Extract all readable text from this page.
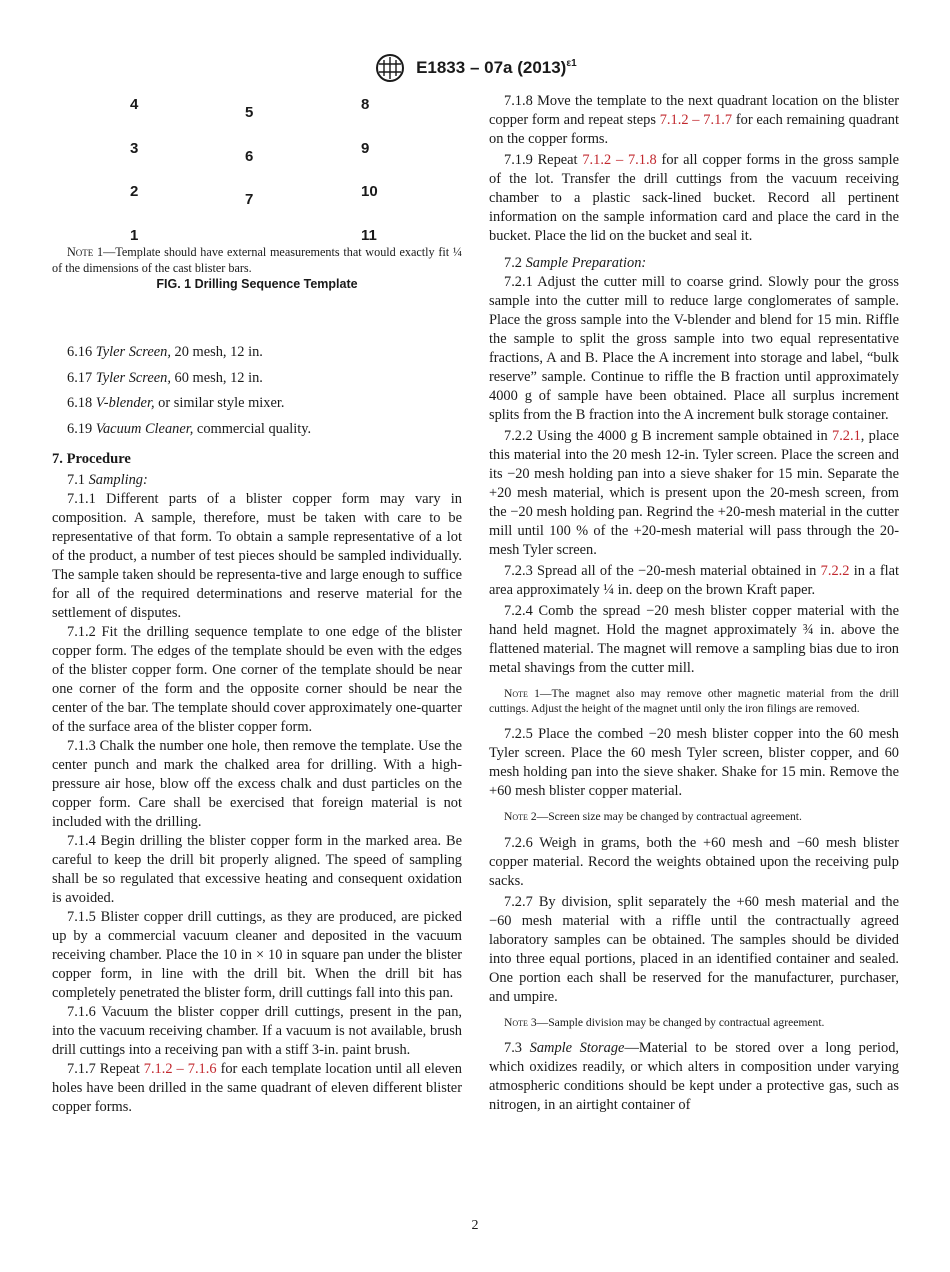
E1833 – 07a $(2013)^{\varepsilon 1}$
4
3
2
1
5
6
7
8
9
10
11
Note 1—Template should have external measurements that would exactly fit ¼ of the dimensions of the cast blister bars.
FIG. 1 Drilling Sequence Template

6.16 Tyler Screen, 20 mesh, 12 in.

6.17 Tyler Screen, 60 mesh, 12 in.

6.18 V-blender, or similar style mixer.

6.19 Vacuum Cleaner, commercial quality.

7. Procedure

7.1 Sampling:

7.1.1 Different parts of a blister copper form may vary in composition. A sample, therefore, must be taken with care to be representative of that form. To obtain a sample representative of a lot of the product, a number of test pieces should be sampled individually. The sample taken should be representa-tive and large enough to suffice for all of the required determinations and reserve material for the settlement of disputes.

7.1.2 Fit the drilling sequence template to one edge of the blister copper form. The edges of the template should be even with the edges of the blister copper form. One corner of the template should be near one corner of the form and the opposite corner should be near the center of the bar. The template should cover approximately one-quarter of the surface area of the blister copper form.

7.1.3 Chalk the number one hole, then remove the template. Use the center punch and mark the chalked area for drilling. With a high-pressure air hose, blow off the excess chalk and dust particles on the copper form. Care shall be exercised that foreign material is not included with the drilling.

7.1.4 Begin drilling the blister copper form in the marked area. Be careful to keep the drill bit properly aligned. The speed of sampling shall be so regulated that excessive heating and consequent oxidation is avoided.

7.1.5 Blister copper drill cuttings, as they are produced, are picked up by a commercial vacuum cleaner and deposited in the vacuum receiving chamber. Place the 10 in × 10 in square pan under the blister copper form, in line with the drill bit. When the drill bit has completely penetrated the blister form, drill cuttings fall into this pan.

7.1.6 Vacuum the blister copper drill cuttings, present in the pan, into the vacuum receiving chamber. If a vacuum is not available, brush drill cuttings into a receiving pan with a stiff 3-in. paint brush.

7.1.7 Repeat 7.1.2 – 7.1.6 for each template location until all eleven holes have been drilled in the same quadrant of eleven different blister copper forms.

7.1.8 Move the template to the next quadrant location on the blister copper form and repeat steps 7.1.2 – 7.1.7 for each remaining quadrant on the copper forms.

7.1.9 Repeat 7.1.2 – 7.1.8 for all copper forms in the gross sample of the lot. Transfer the drill cuttings from the vacuum receiving chamber to a plastic sack-lined bucket. Record all pertinent information on the sample information card and place the card in the bucket. Place the lid on the bucket and seal it.

7.2 Sample Preparation:

7.2.1 Adjust the cutter mill to coarse grind. Slowly pour the gross sample into the cutter mill to reduce large conglomerates of sample. Place the gross sample into the V-blender and blend for 15 min. Riffle the sample to split the gross sample into two equal representative fractions, A and B. Place the A increment into storage and label, “bulk reserve” sample. Continue to riffle the B fraction until approximately 4000 g of sample have been obtained. Place all surplus increment splits from the B fraction into the A increment bulk storage container.

7.2.2 Using the 4000 g B increment sample obtained in 7.2.1, place this material into the 20 mesh 12-in. Tyler screen. Place the screen and its −20 mesh holding pan into a sieve shaker for 15 min. Separate the +20 mesh material, which is present upon the 20-mesh screen, from the −20 mesh holding pan. Regrind the +20-mesh material in the cutter mill until 100 % of the +20-mesh material will pass through the 20-mesh Tyler screen.

7.2.3 Spread all of the −20-mesh material obtained in 7.2.2 in a flat area approximately ¼ in. deep on the brown Kraft paper.

7.2.4 Comb the spread −20 mesh blister copper material with the hand held magnet. Hold the magnet approximately ¾ in. above the flattened material. The magnet will remove a sampling bias due to iron metal shavings from the cutter mill.

Note 1—The magnet also may remove other magnetic material from the drill cuttings. Adjust the height of the magnet until only the iron filings are removed.

7.2.5 Place the combed −20 mesh blister copper into the 60 mesh Tyler screen. Place the 60 mesh Tyler screen, blister copper, and 60 mesh holding pan into the sieve shaker. Shake for 15 min. Remove the +60 mesh blister copper material.

Note 2—Screen size may be changed by contractual agreement.

7.2.6 Weigh in grams, both the +60 mesh and −60 mesh blister copper material. Record the weights obtained upon the receiving pulp sacks.

7.2.7 By division, split separately the +60 mesh material and the −60 mesh material with a riffle until the contractually agreed laboratory samples can be obtained. The samples should be divided into three equal portions, placed in an identified container and sealed. One portion each shall be reserved for the manufacturer, purchaser, and umpire.

Note 3—Sample division may be changed by contractual agreement.

7.3 Sample Storage—Material to be stored over a long period, which oxidizes readily, or which alters in composition under varying atmospheric conditions should be kept under a protective gas, such as nitrogen, in an airtight container of

2
